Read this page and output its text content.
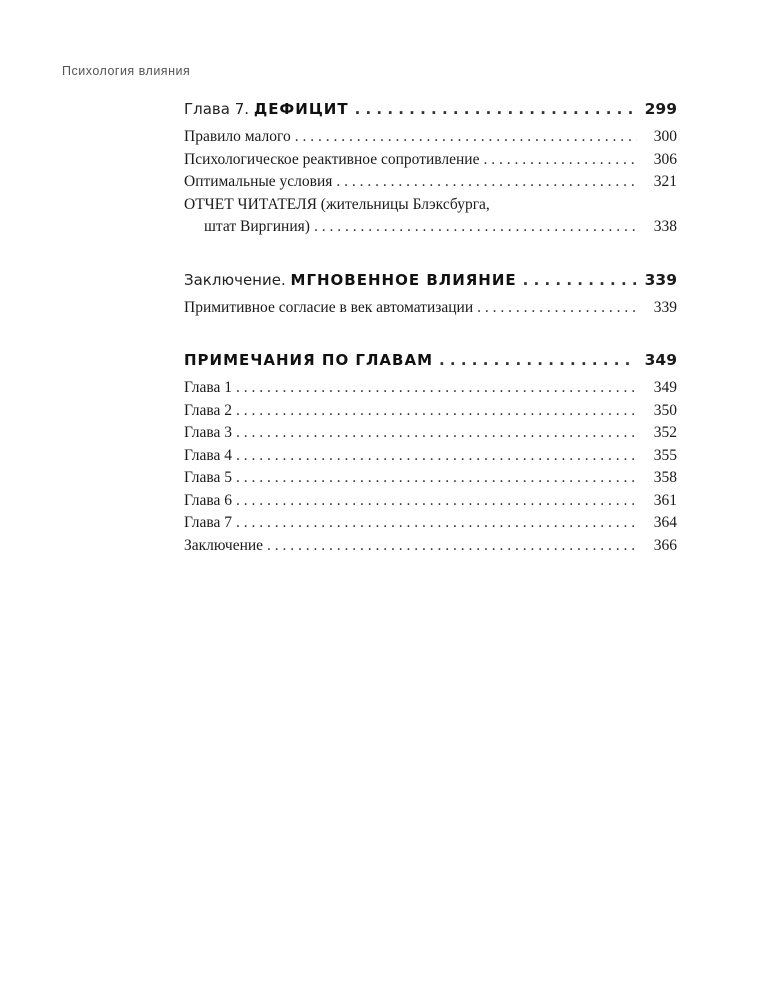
Психология влияния
Глава 7. ДЕФИЦИТ . . .	299
Правило малого . . .	300
Психологическое реактивное сопротивление . . .	306
Оптимальные условия . . .	321
ОТЧЕТ ЧИТАТЕЛЯ (жительницы Блэксбурга,
штат Виргиния) . . .	338
Заключение. МГНОВЕННОЕ ВЛИЯНИЕ . . .	339
Примитивное согласие в век автоматизации . . .	339
ПРИМЕЧАНИЯ ПО ГЛАВАМ . . .	349
Глава 1 . . .	349
Глава 2 . . .	350
Глава 3 . . .	352
Глава 4 . . .	355
Глава 5 . . .	358
Глава 6 . . .	361
Глава 7 . . .	364
Заключение . . .	366
